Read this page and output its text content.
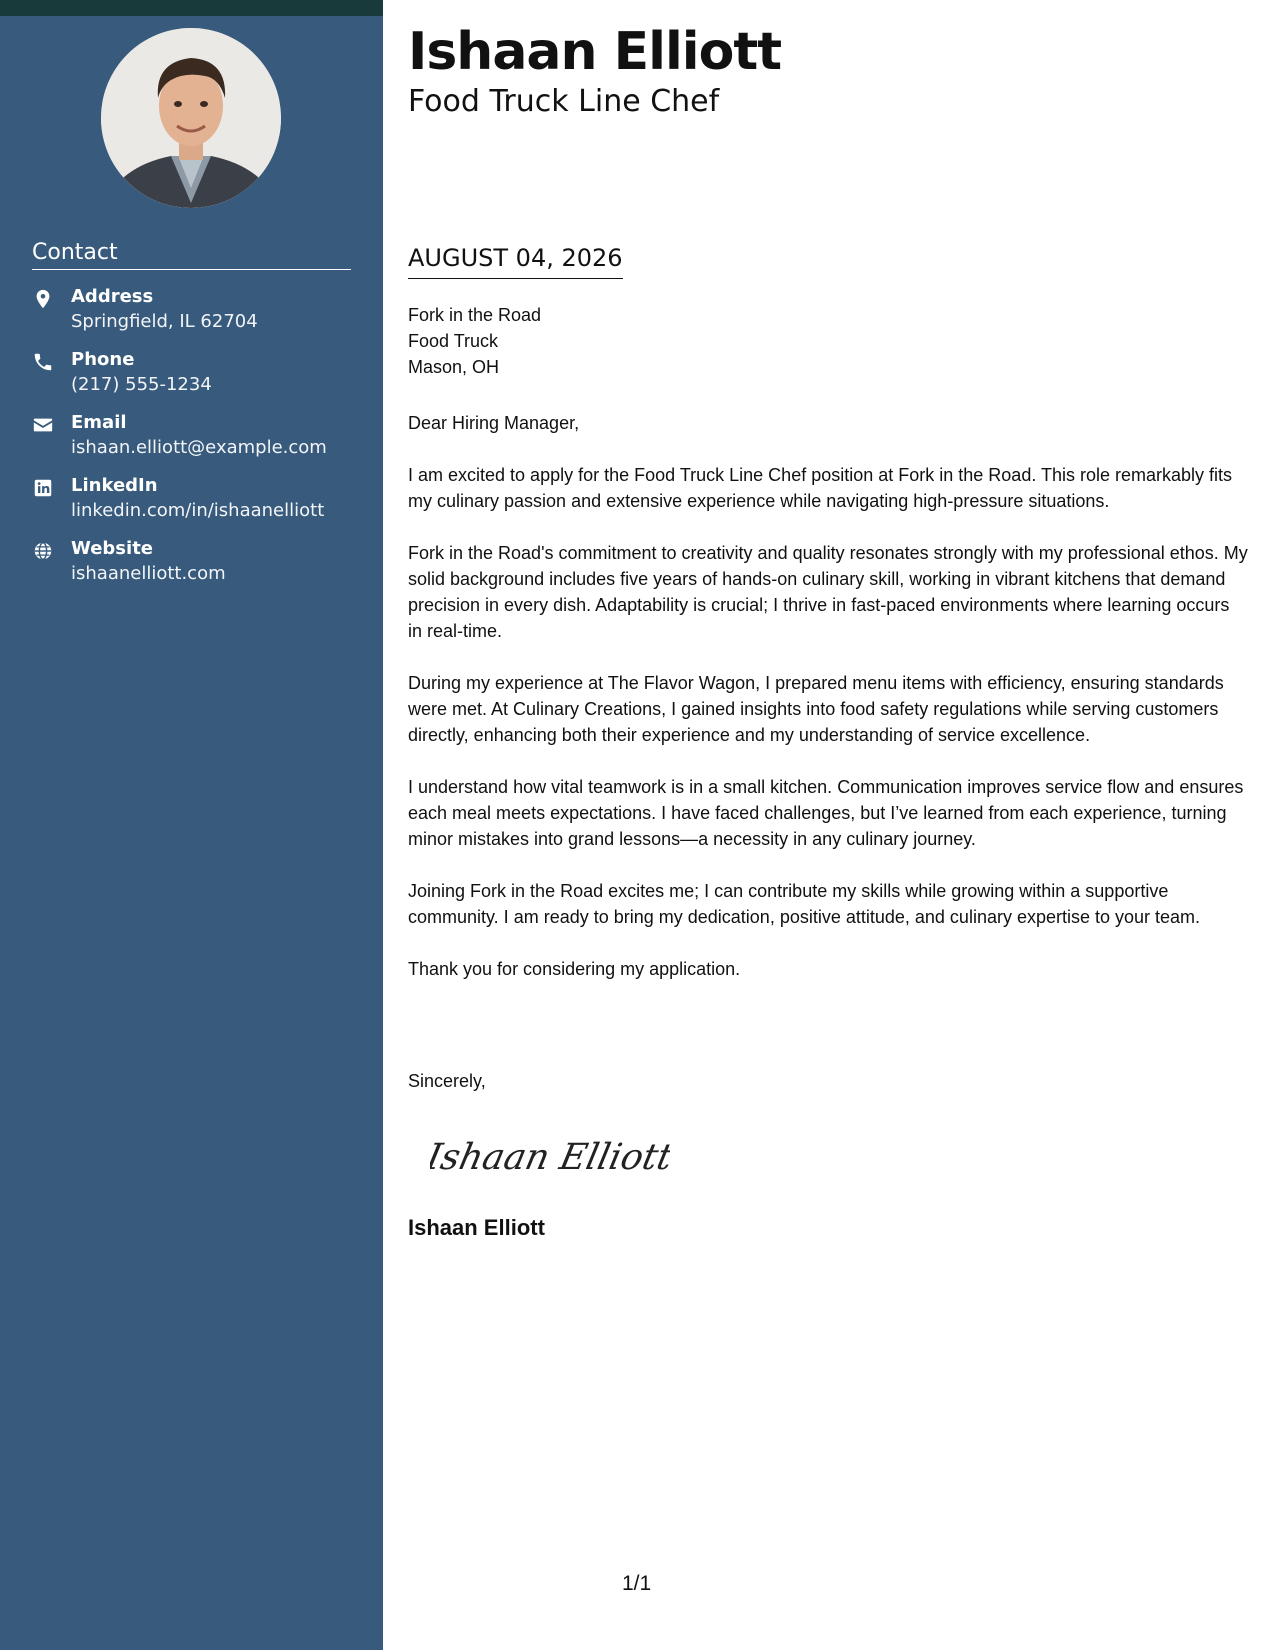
Contact
Address
Springfield, IL 62704
Phone
(217) 555-1234
Email
ishaan.elliott@example.com
LinkedIn
linkedin.com/in/ishaanelliott
Website
ishaanelliott.com
Ishaan Elliott
Food Truck Line Chef
AUGUST 04, 2026
Fork in the Road
Food Truck
Mason, OH

Dear Hiring Manager,

I am excited to apply for the Food Truck Line Chef position at Fork in the Road. This role remarkably fits my culinary passion and extensive experience while navigating high-pressure situations.

Fork in the Road's commitment to creativity and quality resonates strongly with my professional ethos. My solid background includes five years of hands-on culinary skill, working in vibrant kitchens that demand precision in every dish. Adaptability is crucial; I thrive in fast-paced environments where learning occurs in real-time.

During my experience at The Flavor Wagon, I prepared menu items with efficiency, ensuring standards were met. At Culinary Creations, I gained insights into food safety regulations while serving customers directly, enhancing both their experience and my understanding of service excellence.

I understand how vital teamwork is in a small kitchen. Communication improves service flow and ensures each meal meets expectations. I have faced challenges, but I’ve learned from each experience, turning minor mistakes into grand lessons—a necessity in any culinary journey.

Joining Fork in the Road excites me; I can contribute my skills while growing within a supportive community. I am ready to bring my dedication, positive attitude, and culinary expertise to your team.

Thank you for considering my application.

Sincerely,
Ishaan Elliott
Ishaan Elliott
1/1
